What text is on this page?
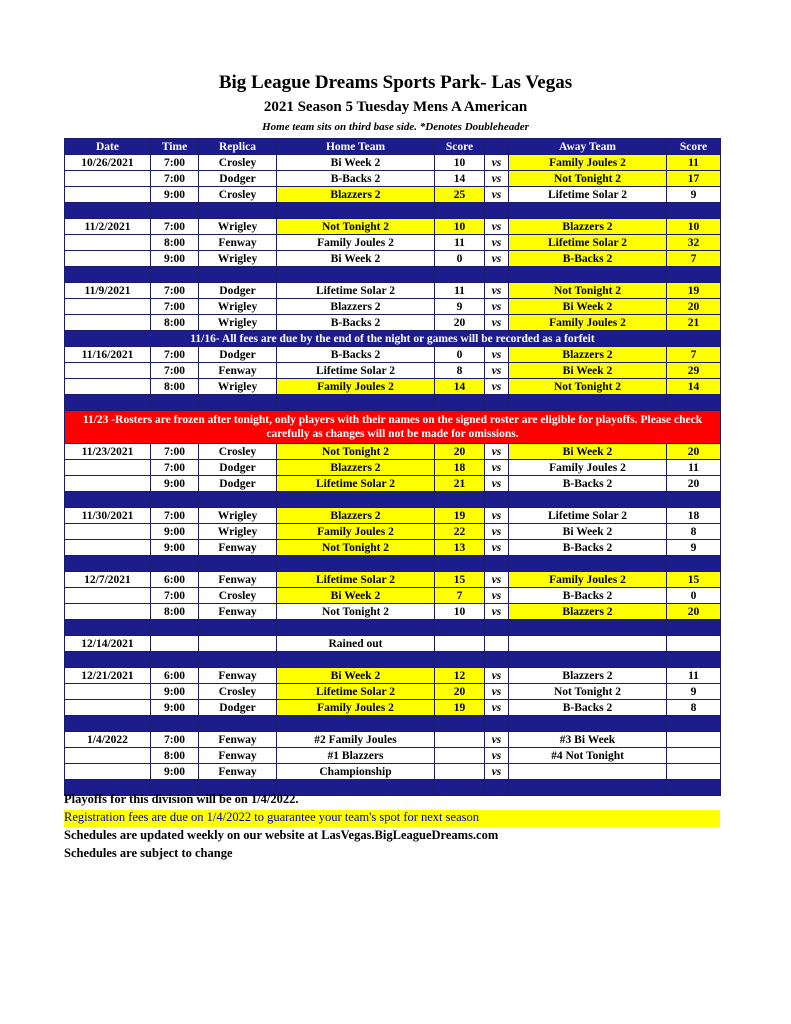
Big League Dreams Sports Park- Las Vegas
2021 Season 5 Tuesday Mens A American
Home team sits on third base side. *Denotes Doubleheader
Date	Time	Replica	Home Team	Score		Away Team	Score
10/26/2021	7:00	Crosley	Bi Week 2	10	vs	Family Joules 2	11
	7:00	Dodger	B-Backs 2	14	vs	Not Tonight 2	17
	9:00	Crosley	Blazzers 2	25	vs	Lifetime Solar 2	9

11/2/2021	7:00	Wrigley	Not Tonight 2	10	vs	Blazzers 2	10
	8:00	Fenway	Family Joules 2	11	vs	Lifetime Solar 2	32
	9:00	Wrigley	Bi Week 2	0	vs	B-Backs 2	7

11/9/2021	7:00	Dodger	Lifetime Solar 2	11	vs	Not Tonight 2	19
	7:00	Wrigley	Blazzers 2	9	vs	Bi Week 2	20
	8:00	Wrigley	B-Backs 2	20	vs	Family Joules 2	21
11/16- All fees are due by the end of the night or games will be recorded as a forfeit							
11/16/2021	7:00	Dodger	B-Backs 2	0	vs	Blazzers 2	7
	7:00	Fenway	Lifetime Solar 2	8	vs	Bi Week 2	29
	8:00	Wrigley	Family Joules 2	14	vs	Not Tonight 2	14

11/23 -Rosters are frozen after tonight, only players with their names on the signed roster are eligible for playoffs. Please check carefully as changes will not be made for omissions.							
11/23/2021	7:00	Crosley	Not Tonight 2	20	vs	Bi Week 2	20
	7:00	Dodger	Blazzers 2	18	vs	Family Joules 2	11
	9:00	Dodger	Lifetime Solar 2	21	vs	B-Backs 2	20

11/30/2021	7:00	Wrigley	Blazzers 2	19	vs	Lifetime Solar 2	18
	9:00	Wrigley	Family Joules 2	22	vs	Bi Week 2	8
	9:00	Fenway	Not Tonight 2	13	vs	B-Backs 2	9

12/7/2021	6:00	Fenway	Lifetime Solar 2	15	vs	Family Joules 2	15
	7:00	Crosley	Bi Week 2	7	vs	B-Backs 2	0
	8:00	Fenway	Not Tonight 2	10	vs	Blazzers 2	20

12/14/2021			Rained out				

12/21/2021	6:00	Fenway	Bi Week 2	12	vs	Blazzers 2	11
	9:00	Crosley	Lifetime Solar 2	20	vs	Not Tonight 2	9
	9:00	Dodger	Family Joules 2	19	vs	B-Backs 2	8

1/4/2022	7:00	Fenway	#2 Family Joules		vs	#3 Bi Week	
	8:00	Fenway	#1 Blazzers		vs	#4 Not Tonight	
	9:00	Fenway	Championship		vs		

Playoffs for this division will be on 1/4/2022.
Registration fees are due on 1/4/2022 to guarantee your team's spot for next season
Schedules are updated weekly on our website at LasVegas.BigLeagueDreams.com
Schedules are subject to change
